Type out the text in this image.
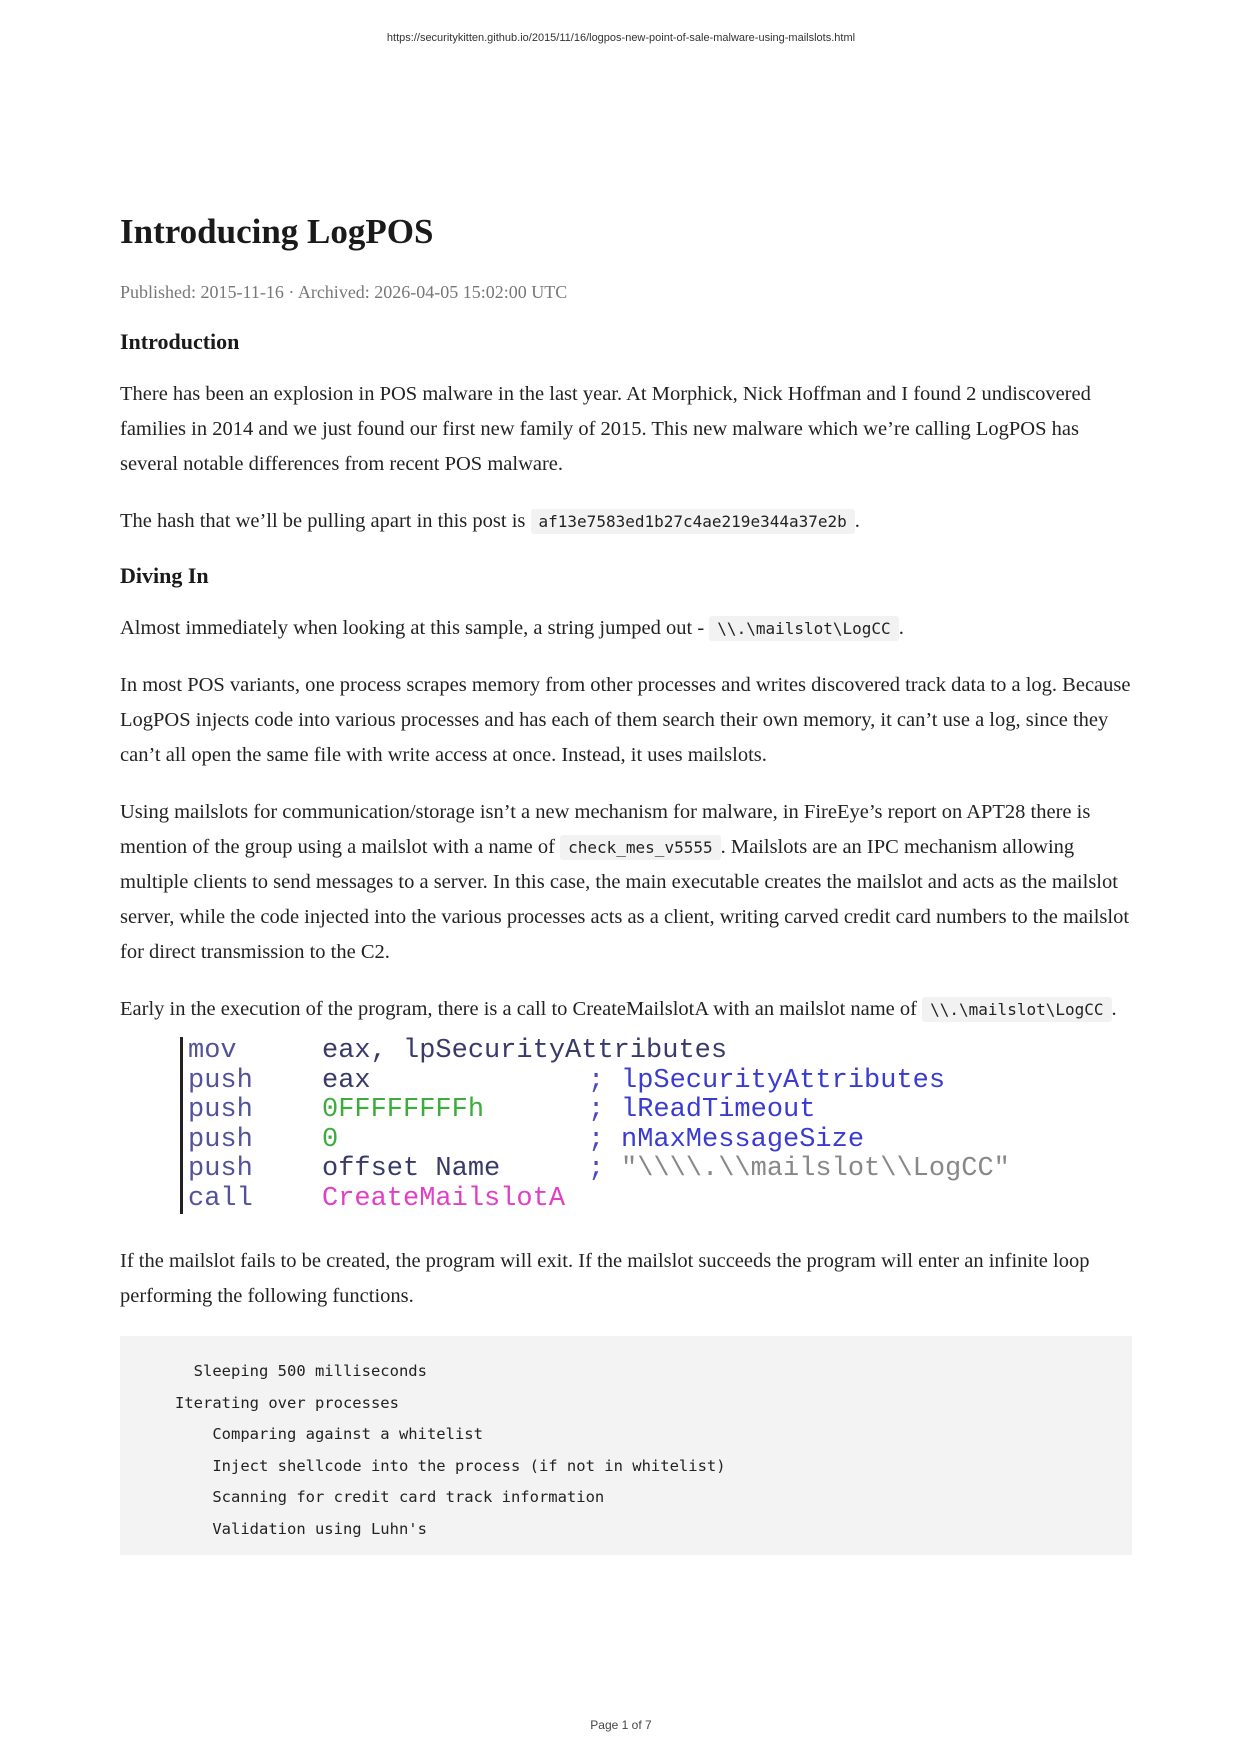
https://securitykitten.github.io/2015/11/16/logpos-new-point-of-sale-malware-using-mailslots.html
Introducing LogPOS
Published: 2015-11-16 · Archived: 2026-04-05 15:02:00 UTC
Introduction

There has been an explosion in POS malware in the last year. At Morphick, Nick Hoffman and I found 2 undiscovered families in 2014 and we just found our first new family of 2015. This new malware which we’re calling LogPOS has several notable differences from recent POS malware.

The hash that we’ll be pulling apart in this post is af13e7583ed1b27c4ae219e344a37e2b .

Diving In

Almost immediately when looking at this sample, a string jumped out - \\.\mailslot\LogCC .

In most POS variants, one process scrapes memory from other processes and writes discovered track data to a log. Because LogPOS injects code into various processes and has each of them search their own memory, it can’t use a log, since they can’t all open the same file with write access at once. Instead, it uses mailslots.

Using mailslots for communication/storage isn’t a new mechanism for malware, in FireEye’s report on APT28 there is mention of the group using a mailslot with a name of check_mes_v5555 . Mailslots are an IPC mechanism allowing multiple clients to send messages to a server. In this case, the main executable creates the mailslot and acts as the mailslot server, while the code injected into the various processes acts as a client, writing carved credit card numbers to the mailslot for direct transmission to the C2.

Early in the execution of the program, there is a call to CreateMailslotA with an mailslot name of \\.\mailslot\LogCC .

mov	eax, lpSecurityAttributes
push	eax	; lpSecurityAttributes
push	0FFFFFFFFh	; lReadTimeout
push	0	; nMaxMessageSize
push	offset Name	; "\\\\.\\mailslot\\LogCC"
call	CreateMailslotA

If the mailslot fails to be created, the program will exit. If the mailslot succeeds the program will enter an infinite loop performing the following functions.

Sleeping 500 milliseconds
Iterating over processes
Comparing against a whitelist
Inject shellcode into the process (if not in whitelist)
Scanning for credit card track information
Validation using Luhn's
Page 1 of 7
